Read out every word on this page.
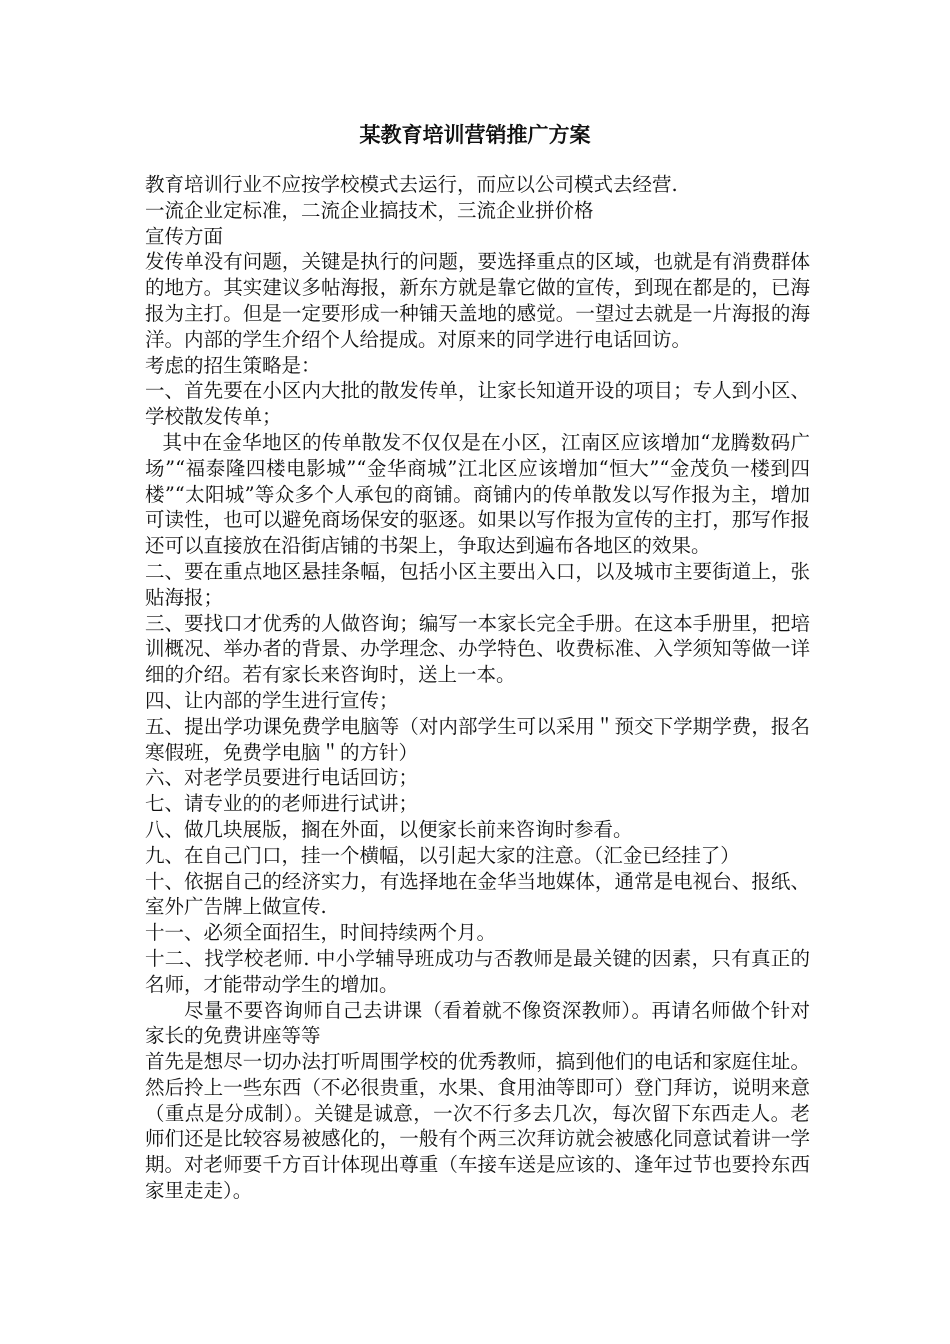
某教育培训营销推广方案

教育培训行业不应按学校模式去运行，而应以公司模式去经营.

一流企业定标准，二流企业搞技术，三流企业拼价格

宣传方面

发传单没有问题，关键是执行的问题，要选择重点的区域，也就是有消费群体的地方。其实建议多帖海报，新东方就是靠它做的宣传，到现在都是的，已海报为主打。但是一定要形成一种铺天盖地的感觉。一望过去就是一片海报的海洋。内部的学生介绍个人给提成。对原来的同学进行电话回访。

考虑的招生策略是：

一、首先要在小区内大批的散发传单，让家长知道开设的项目；专人到小区、学校散发传单；

其中在金华地区的传单散发不仅仅是在小区，江南区应该增加“龙腾数码广场”“福泰隆四楼电影城”“金华商城”江北区应该增加“恒大”“金茂负一楼到四楼”“太阳城”等众多个人承包的商铺。商铺内的传单散发以写作报为主，增加可读性，也可以避免商场保安的驱逐。如果以写作报为宣传的主打，那写作报还可以直接放在沿街店铺的书架上，争取达到遍布各地区的效果。

二、要在重点地区悬挂条幅，包括小区主要出入口，以及城市主要街道上，张贴海报；

三、要找口才优秀的人做咨询；编写一本家长完全手册。在这本手册里，把培训概况、举办者的背景、办学理念、办学特色、收费标准、入学须知等做一详细的介绍。若有家长来咨询时，送上一本。

四、让内部的学生进行宣传；

五、提出学功课免费学电脑等（对内部学生可以采用＂预交下学期学费，报名寒假班，免费学电脑＂的方针）

六、对老学员要进行电话回访；

七、请专业的的老师进行试讲；

八、做几块展版，搁在外面，以便家长前来咨询时参看。

九、在自己门口，挂一个横幅，以引起大家的注意。（汇金已经挂了）

十、依据自己的经济实力，有选择地在金华当地媒体，通常是电视台、报纸、室外广告牌上做宣传.

十一、必须全面招生，时间持续两个月。

十二、找学校老师. 中小学辅导班成功与否教师是最关键的因素，只有真正的名师，才能带动学生的增加。

尽量不要咨询师自己去讲课（看着就不像资深教师）。再请名师做个针对家长的免费讲座等等

首先是想尽一切办法打听周围学校的优秀教师，搞到他们的电话和家庭住址。然后拎上一些东西（不必很贵重，水果、食用油等即可）登门拜访，说明来意（重点是分成制）。关键是诚意，一次不行多去几次，每次留下东西走人。老师们还是比较容易被感化的，一般有个两三次拜访就会被感化同意试着讲一学期。对老师要千方百计体现出尊重（车接车送是应该的、逢年过节也要拎东西家里走走）。
